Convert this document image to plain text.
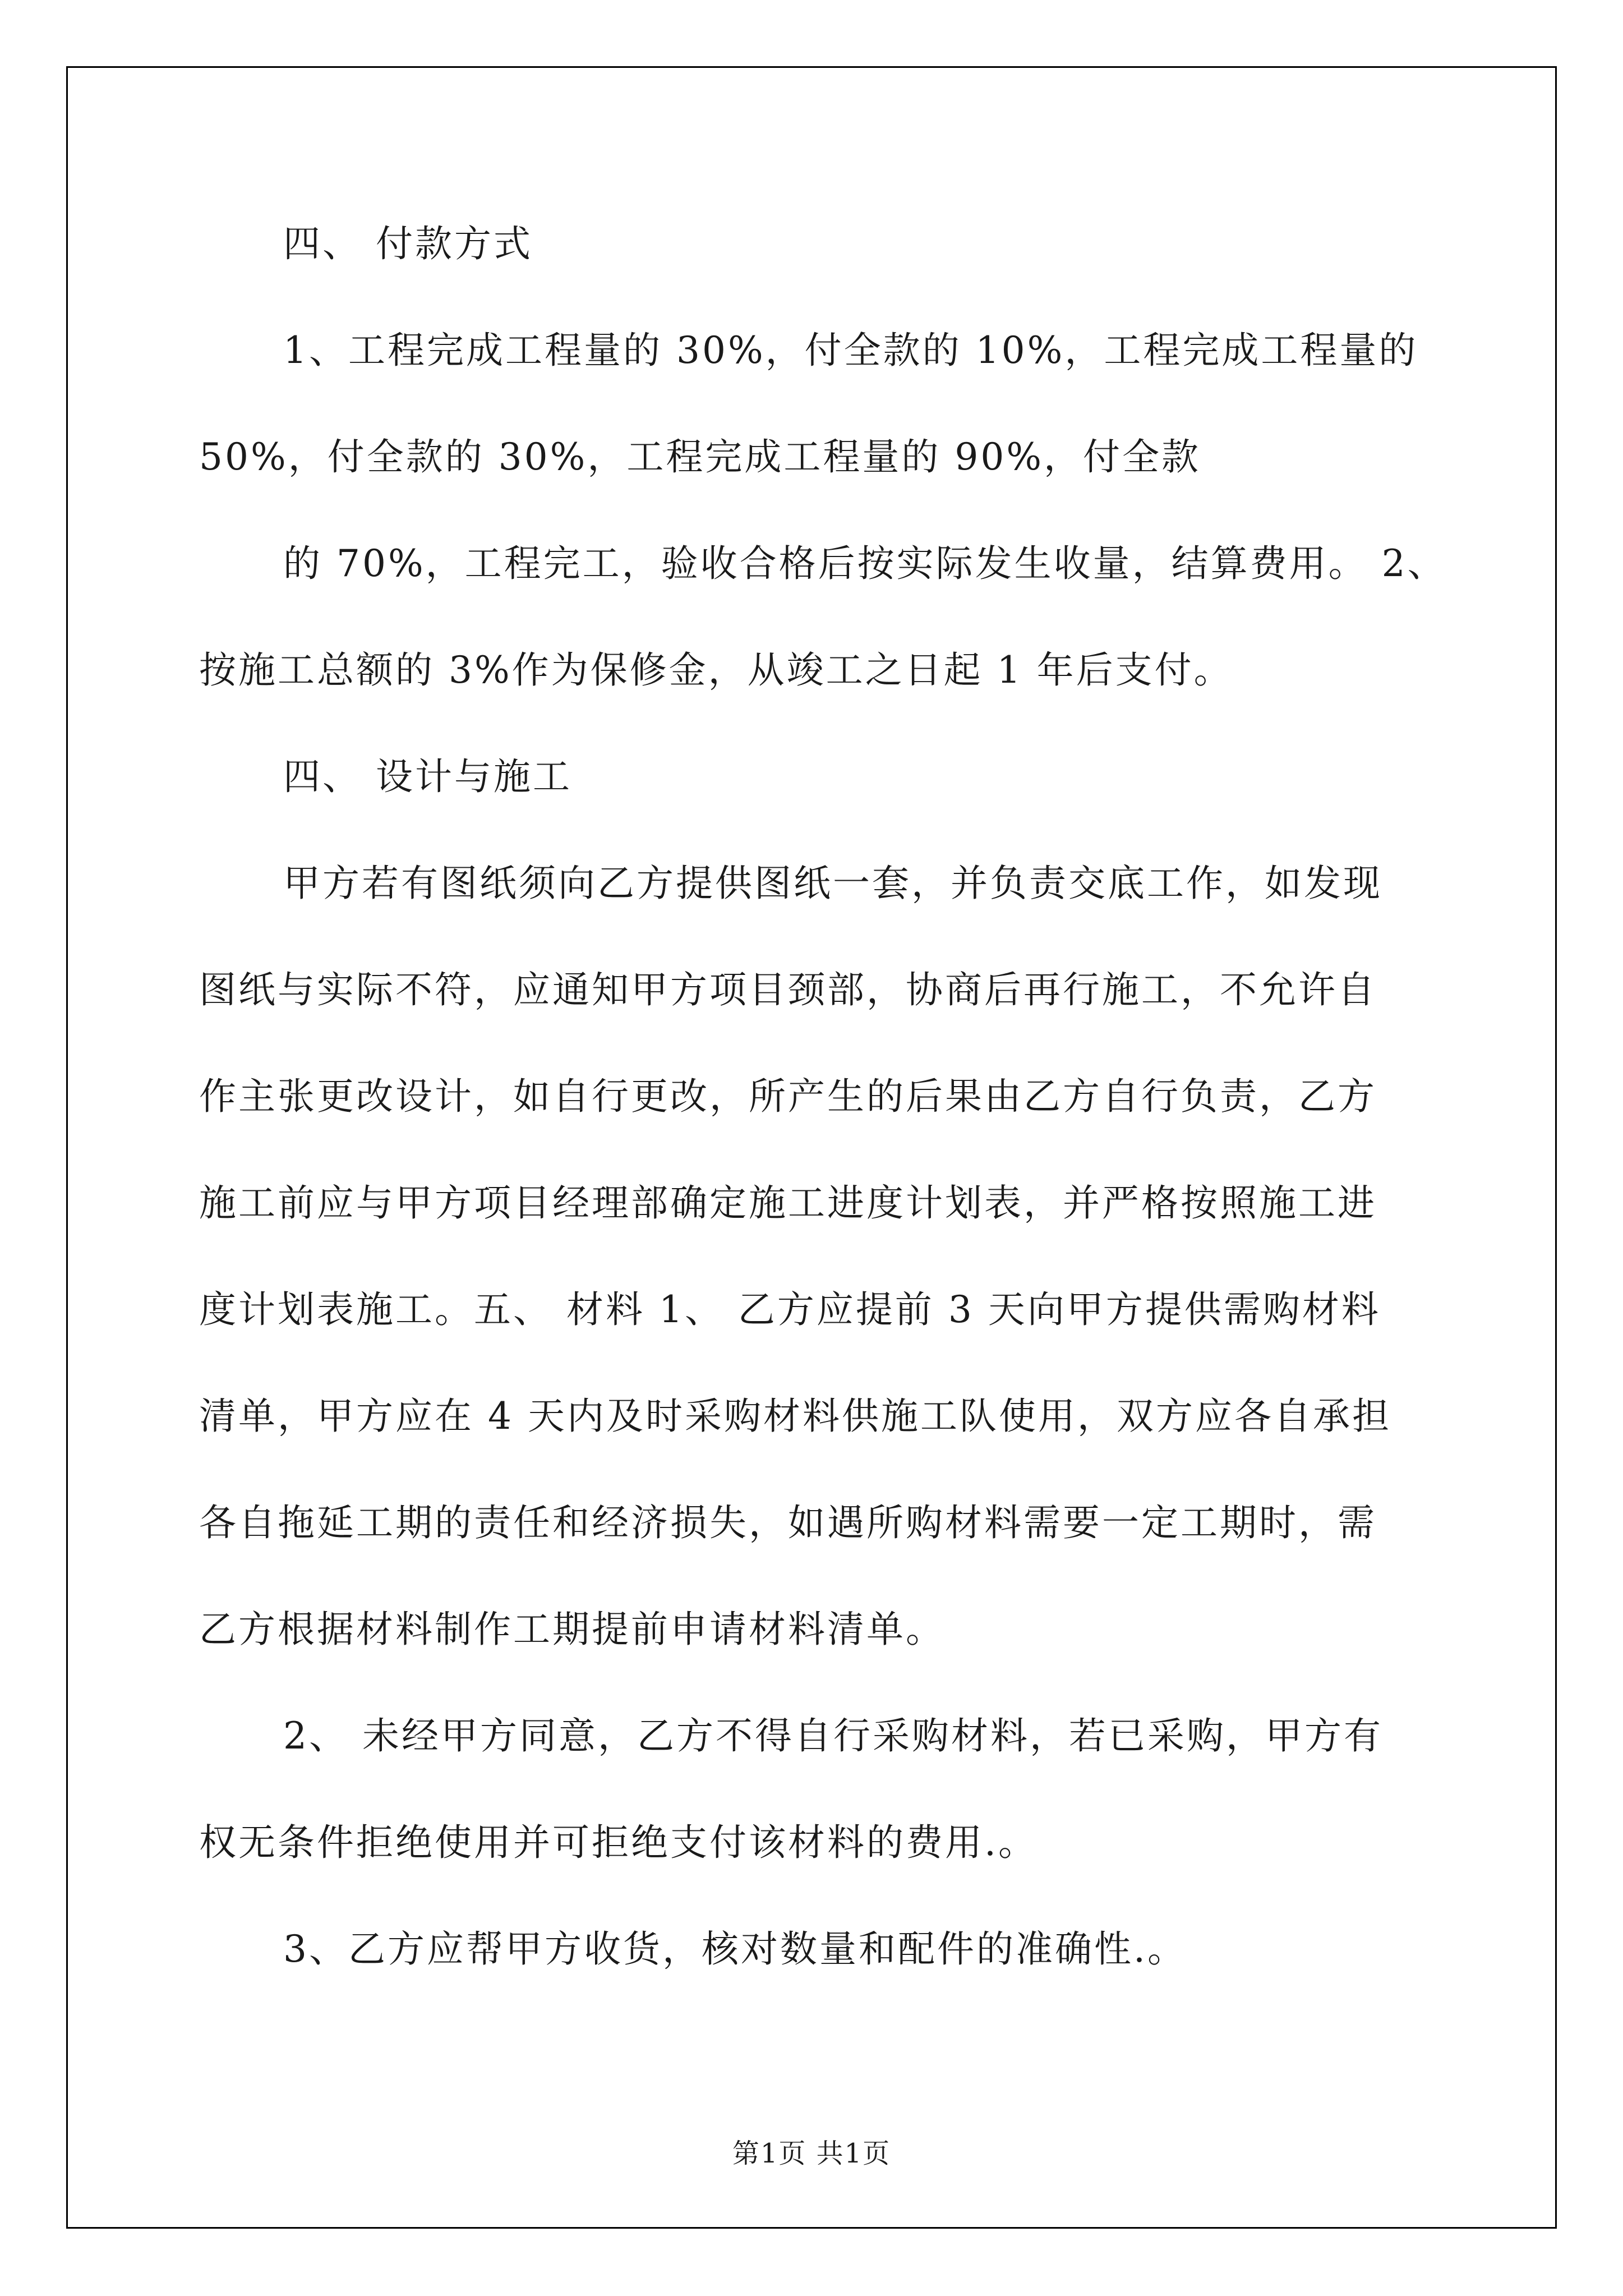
四、 付款方式
1、工程完成工程量的 30%，付全款的 10%，工程完成工程量的
50%，付全款的 30%，工程完成工程量的 90%，付全款
的 70%，工程完工，验收合格后按实际发生收量，结算费用。 2、
按施工总额的 3%作为保修金，从竣工之日起 1 年后支付。
四、 设计与施工
甲方若有图纸须向乙方提供图纸一套，并负责交底工作，如发现
图纸与实际不符，应通知甲方项目颈部，协商后再行施工，不允许自
作主张更改设计，如自行更改，所产生的后果由乙方自行负责，乙方
施工前应与甲方项目经理部确定施工进度计划表，并严格按照施工进
度计划表施工。五、 材料 1、 乙方应提前 3 天向甲方提供需购材料
清单，甲方应在 4 天内及时采购材料供施工队使用，双方应各自承担
各自拖延工期的责任和经济损失，如遇所购材料需要一定工期时，需
乙方根据材料制作工期提前申请材料清单。
2、 未经甲方同意，乙方不得自行采购材料，若已采购，甲方有
权无条件拒绝使用并可拒绝支付该材料的费用.。
3、乙方应帮甲方收货，核对数量和配件的准确性.。
第1页 共1页
